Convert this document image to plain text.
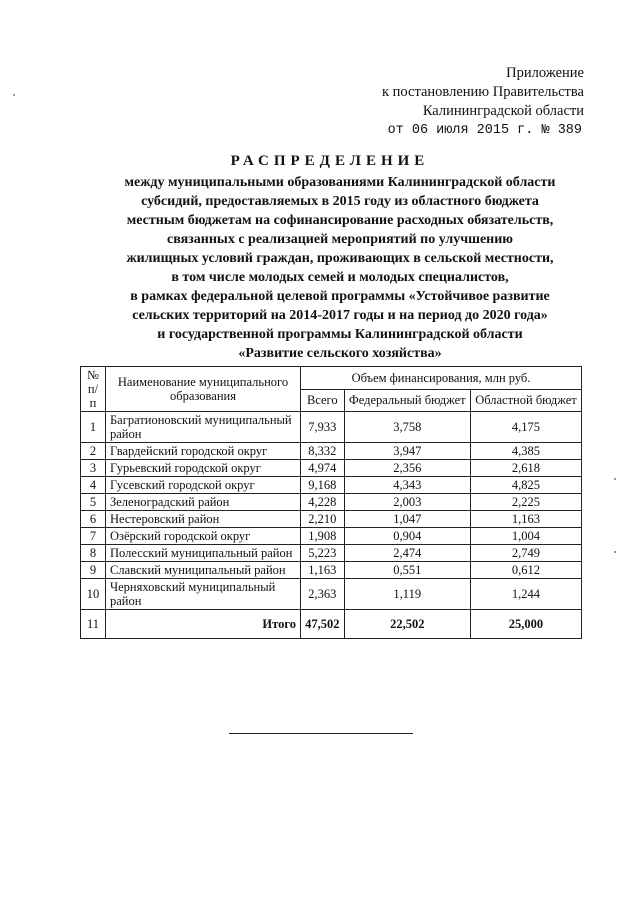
Приложение
к постановлению Правительства
Калининградской области
от 06 июля 2015 г. № 389
РАСПРЕДЕЛЕНИЕ
между муниципальными образованиями Калининградской области
субсидий, предоставляемых в 2015 году из областного бюджета
местным бюджетам на софинансирование расходных обязательств,
связанных с реализацией мероприятий по улучшению
жилищных условий граждан, проживающих в сельской местности,
в том числе молодых семей и молодых специалистов,
в рамках федеральной целевой программы «Устойчивое развитие
сельских территорий на 2014-2017 годы и на период до 2020 года»
и государственной программы Калининградской области
«Развитие сельского хозяйства»
№ п/п	Наименование муниципального образования	Объем финансирования, млн руб.		
		Всего	Федеральный бюджет	Областной бюджет
1	Багратионовский муниципальный район	7,933	3,758	4,175
2	Гвардейский городской округ	8,332	3,947	4,385
3	Гурьевский городской округ	4,974	2,356	2,618
4	Гусевский городской округ	9,168	4,343	4,825
5	Зеленоградский район	4,228	2,003	2,225
6	Нестеровский район	2,210	1,047	1,163
7	Озёрский городской округ	1,908	0,904	1,004
8	Полесский муниципальный район	5,223	2,474	2,749
9	Славский муниципальный район	1,163	0,551	0,612
10	Черняховский муниципальный район	2,363	1,119	1,244
11	Итого	47,502	22,502	25,000
